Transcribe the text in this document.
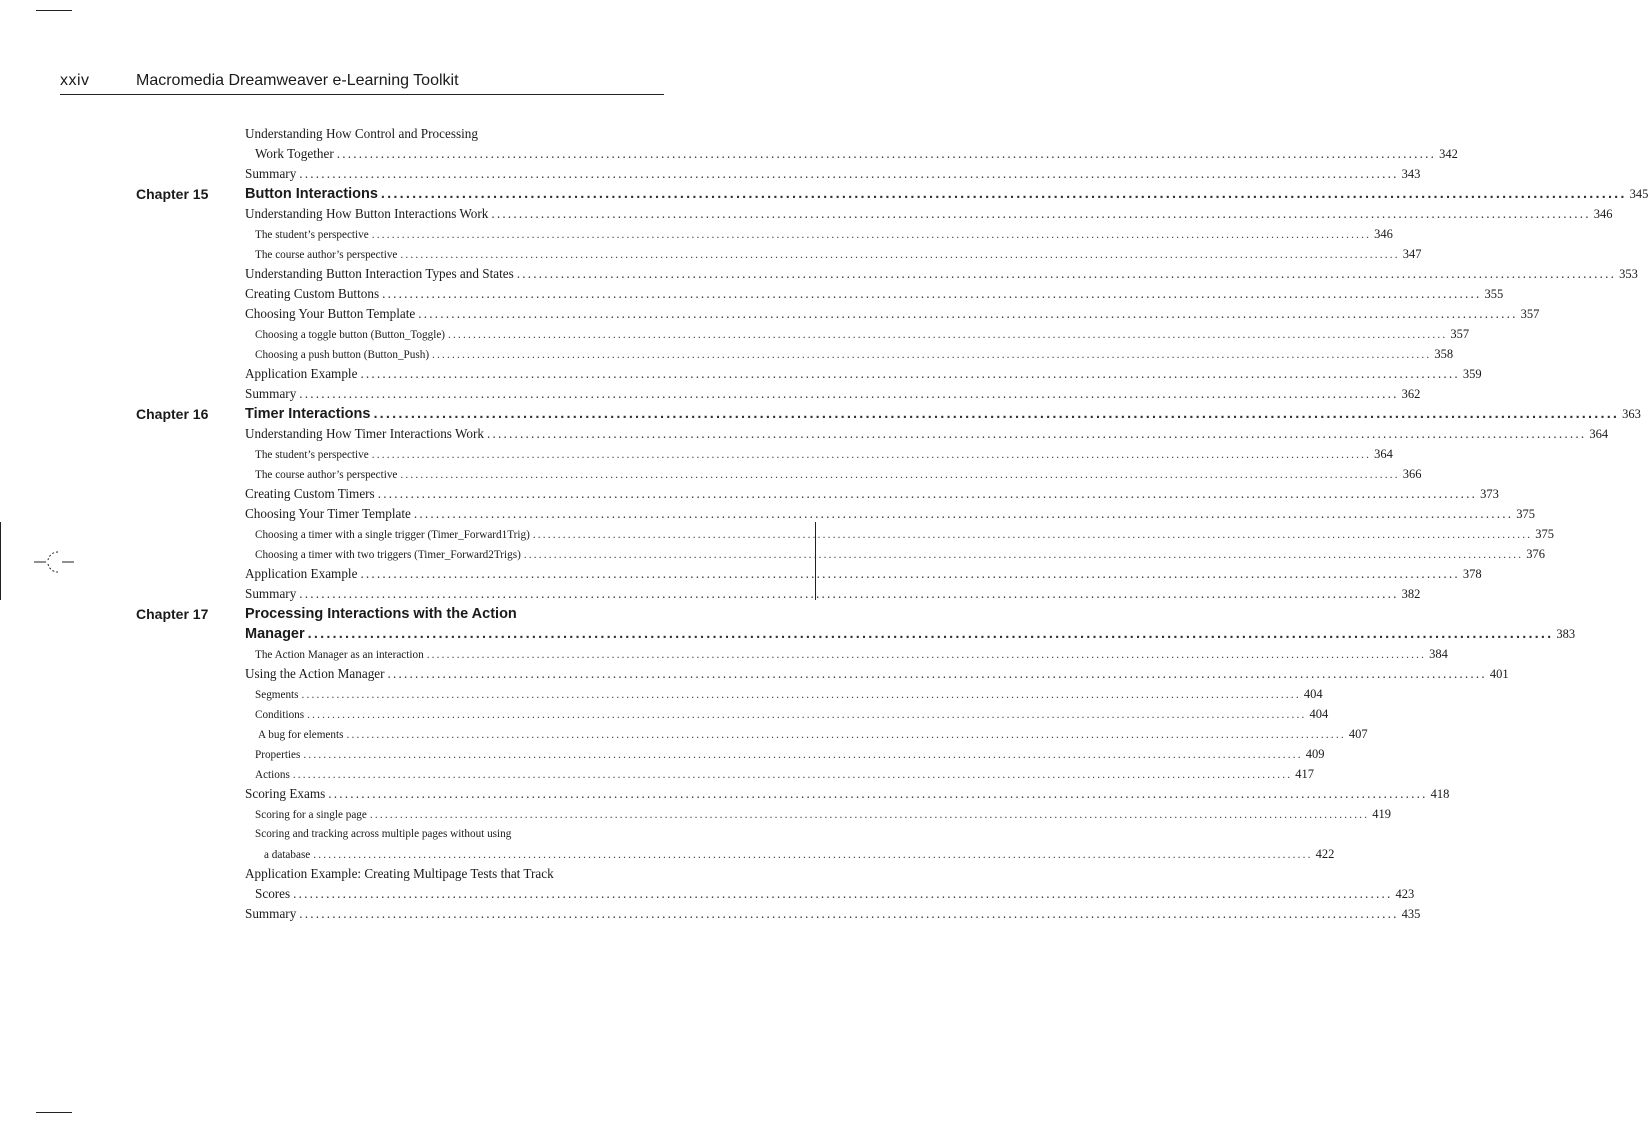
xxiv	Macromedia Dreamweaver e-Learning Toolkit
Understanding How Control and Processing
Work Together ........................................................................................................................................................................................................ 342
Summary ........................................................................................................................................................................................................ 343
Chapter 15	Button Interactions ........................................................................................................................................................................................................ 345
Understanding How Button Interactions Work ........................................................................................................................................................................................................ 346
The student’s perspective ........................................................................................................................................................................................................ 346
The course author’s perspective ........................................................................................................................................................................................................ 347
Understanding Button Interaction Types and States ........................................................................................................................................................................................................ 353
Creating Custom Buttons ........................................................................................................................................................................................................ 355
Choosing Your Button Template ........................................................................................................................................................................................................ 357
Choosing a toggle button (Button_Toggle) ........................................................................................................................................................................................................ 357
Choosing a push button (Button_Push) ........................................................................................................................................................................................................ 358
Application Example ........................................................................................................................................................................................................ 359
Summary ........................................................................................................................................................................................................ 362
Chapter 16	Timer Interactions ........................................................................................................................................................................................................ 363
Understanding How Timer Interactions Work ........................................................................................................................................................................................................ 364
The student’s perspective ........................................................................................................................................................................................................ 364
The course author’s perspective ........................................................................................................................................................................................................ 366
Creating Custom Timers ........................................................................................................................................................................................................ 373
Choosing Your Timer Template ........................................................................................................................................................................................................ 375
Choosing a timer with a single trigger (Timer_Forward1Trig) ........................................................................................................................................................................................................ 375
Choosing a timer with two triggers (Timer_Forward2Trigs) ........................................................................................................................................................................................................ 376
Application Example ........................................................................................................................................................................................................ 378
Summary ........................................................................................................................................................................................................ 382
Chapter 17	Processing Interactions with the Action
Manager ........................................................................................................................................................................................................ 383
The Action Manager as an interaction ........................................................................................................................................................................................................ 384
Using the Action Manager ........................................................................................................................................................................................................ 401
Segments ........................................................................................................................................................................................................ 404
Conditions ........................................................................................................................................................................................................ 404
A bug for elements ........................................................................................................................................................................................................ 407
Properties ........................................................................................................................................................................................................ 409
Actions ........................................................................................................................................................................................................ 417
Scoring Exams ........................................................................................................................................................................................................ 418
Scoring for a single page ........................................................................................................................................................................................................ 419
Scoring and tracking across multiple pages without using
a database ........................................................................................................................................................................................................ 422
Application Example: Creating Multipage Tests that Track
Scores ........................................................................................................................................................................................................ 423
Summary ........................................................................................................................................................................................................ 435
